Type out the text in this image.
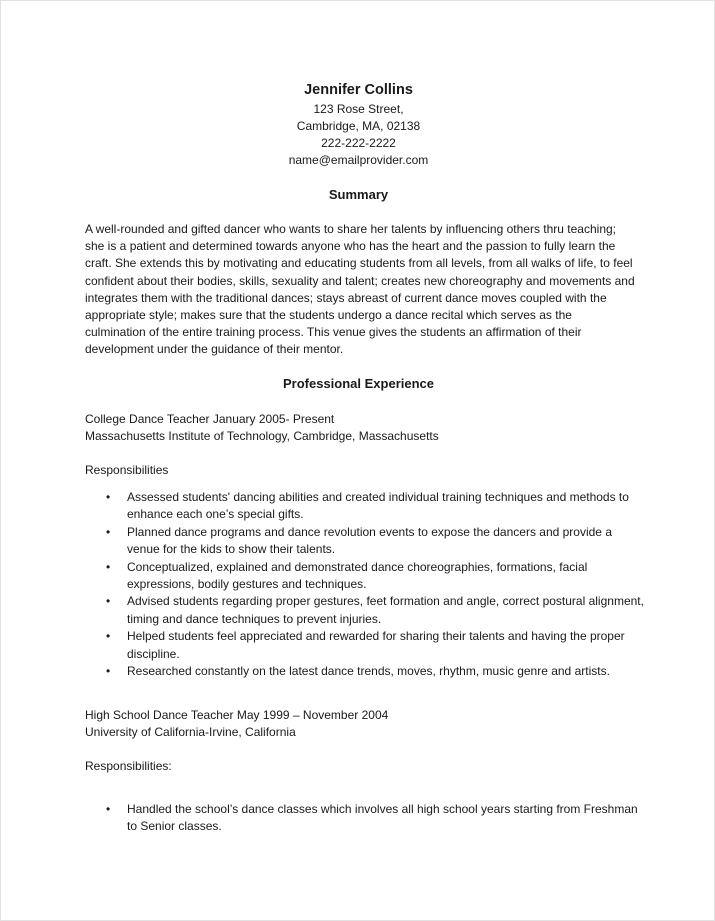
Jennifer Collins
123 Rose Street,
Cambridge, MA, 02138
222-222-2222
name@emailprovider.com
Summary
A well-rounded and gifted dancer who wants to share her talents by influencing others thru teaching; she is a patient and determined towards anyone who has the heart and the passion to fully learn the craft. She extends this by motivating and educating students from all levels, from all walks of life, to feel confident about their bodies, skills, sexuality and talent; creates new choreography and movements and integrates them with the traditional dances; stays abreast of current dance moves coupled with the appropriate style; makes sure that the students undergo a dance recital which serves as the culmination of the entire training process. This venue gives the students an affirmation of their development under the guidance of their mentor.
Professional Experience
College Dance Teacher January 2005- Present
Massachusetts Institute of Technology, Cambridge, Massachusetts
Responsibilities
• Assessed students' dancing abilities and created individual training techniques and methods to enhance each one’s special gifts.
• Planned dance programs and dance revolution events to expose the dancers and provide a venue for the kids to show their talents.
• Conceptualized, explained and demonstrated dance choreographies, formations, facial expressions, bodily gestures and techniques.
• Advised students regarding proper gestures, feet formation and angle, correct postural alignment, timing and dance techniques to prevent injuries.
• Helped students feel appreciated and rewarded for sharing their talents and having the proper discipline.
• Researched constantly on the latest dance trends, moves, rhythm, music genre and artists.
High School Dance Teacher May 1999 – November 2004
University of California-Irvine, California
Responsibilities:
• Handled the school’s dance classes which involves all high school years starting from Freshman to Senior classes.
